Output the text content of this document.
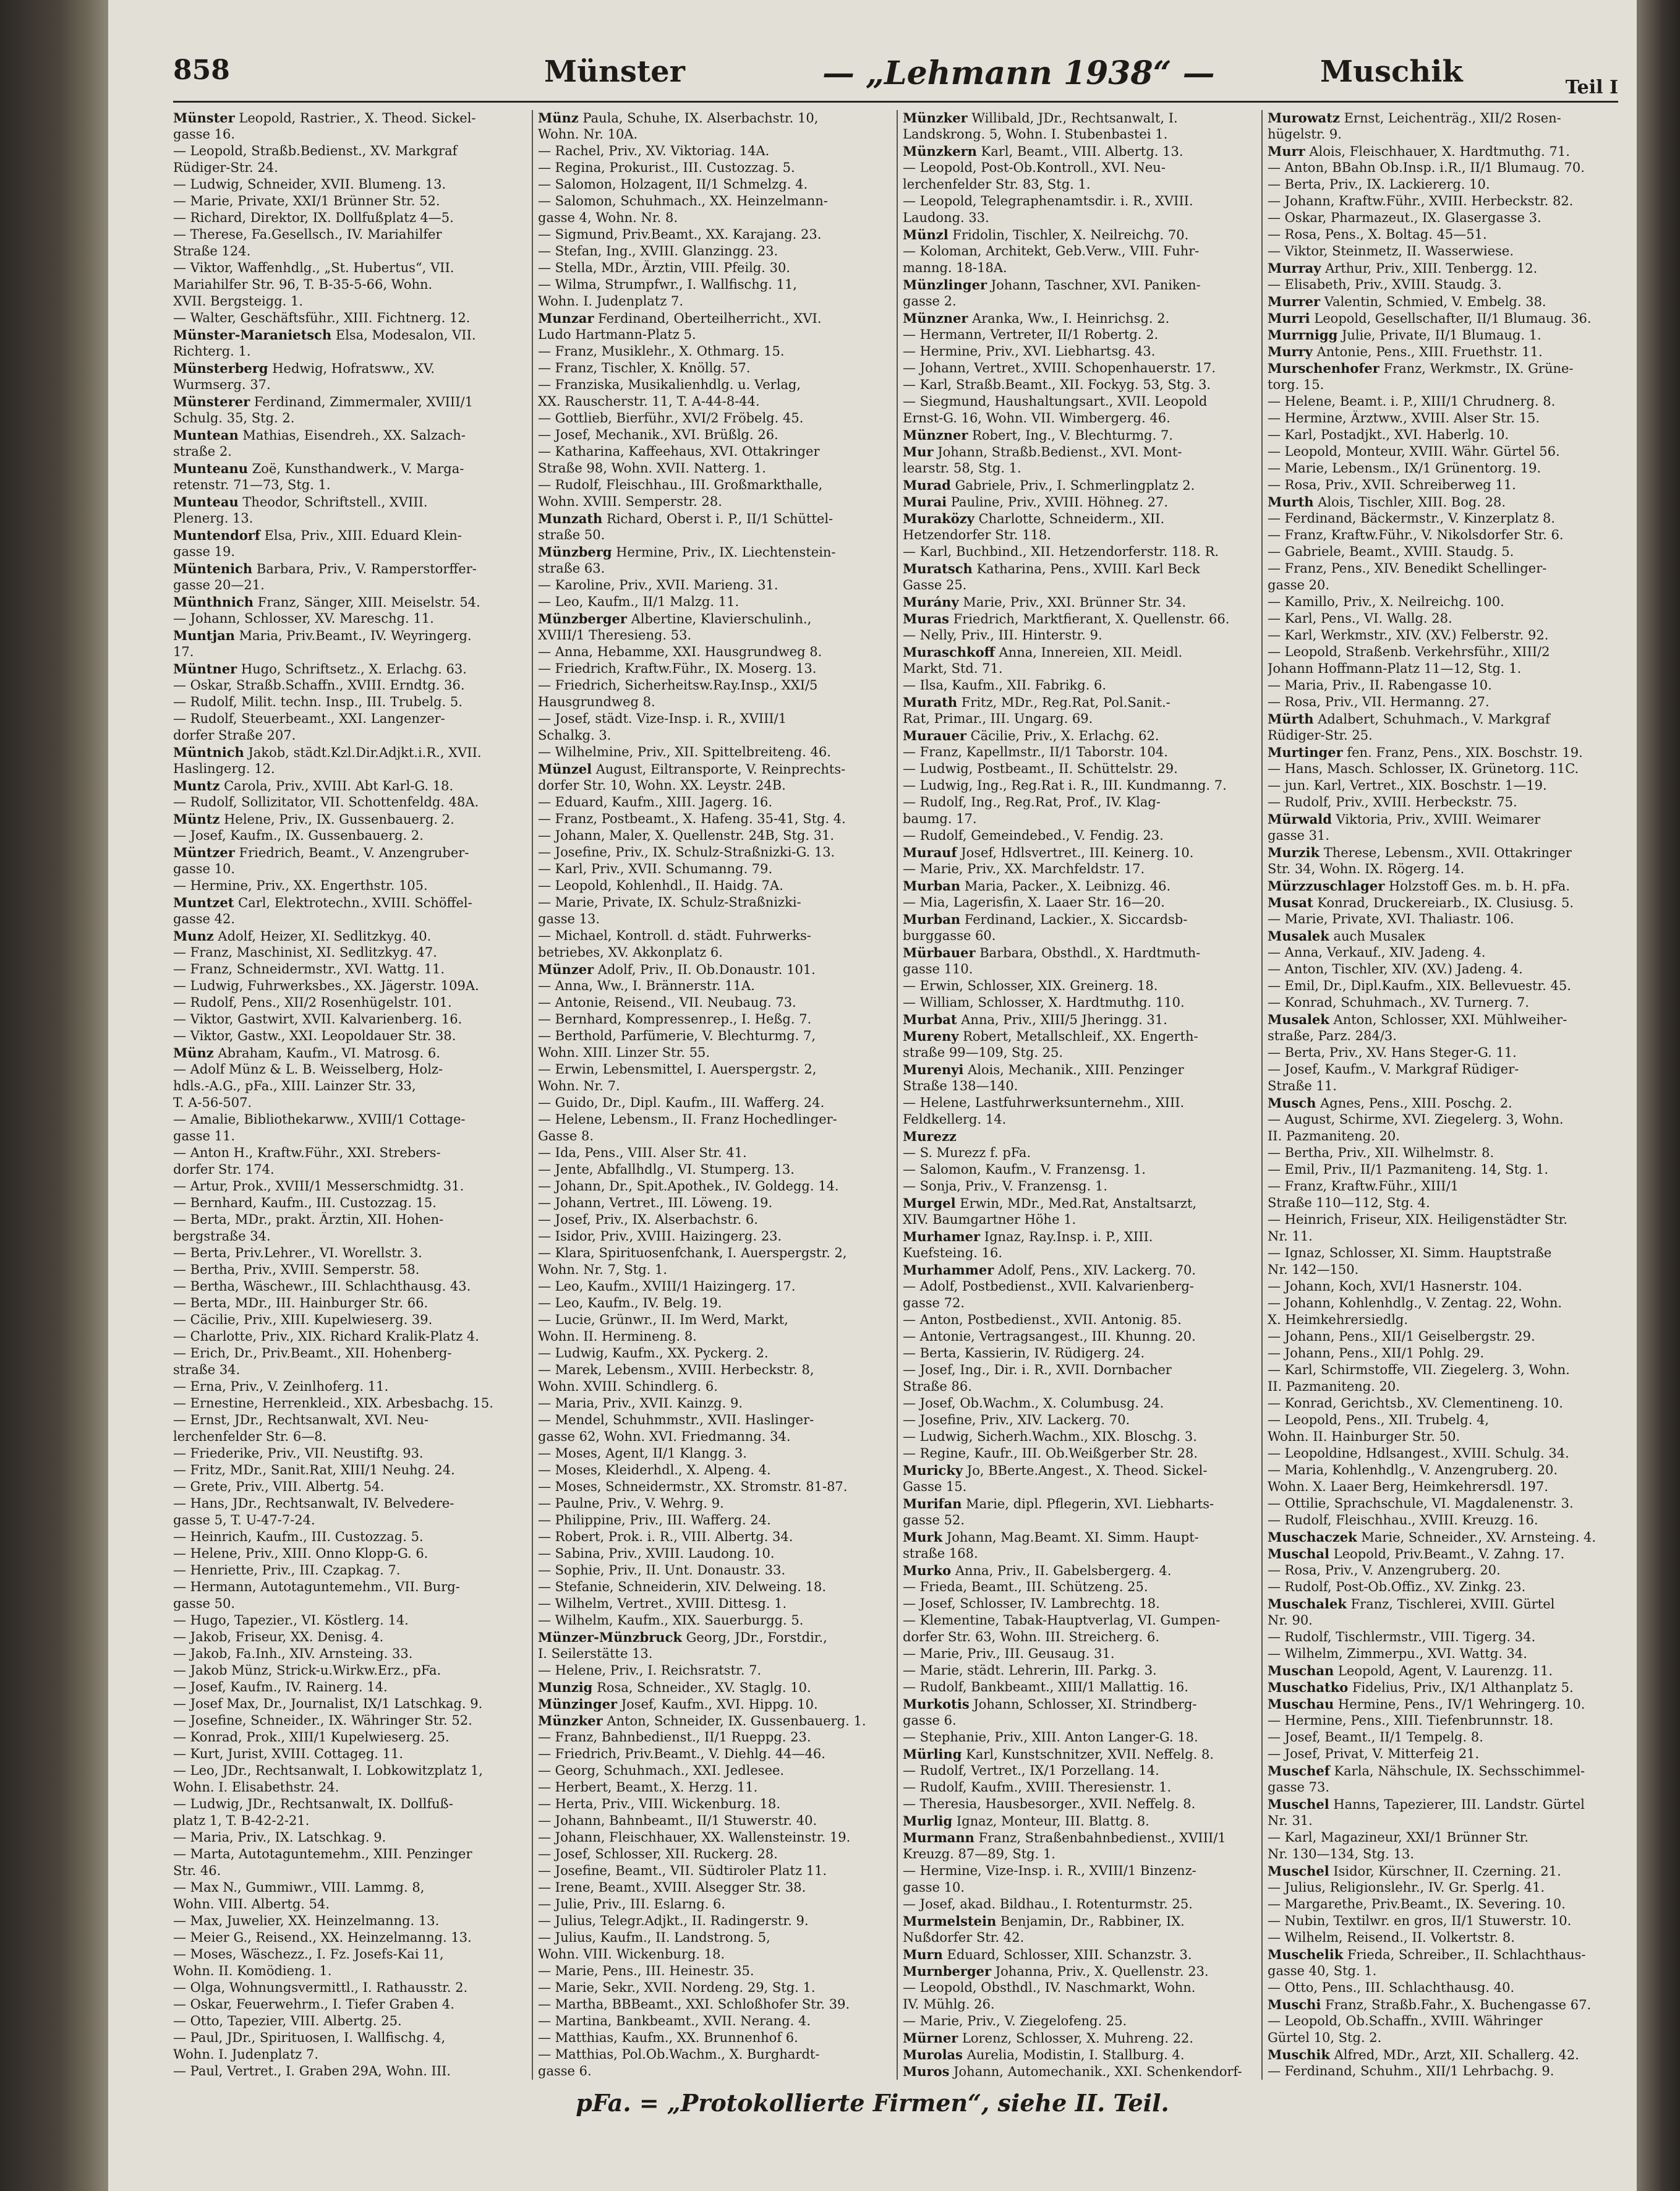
858	Münster	— „Lehmann 1938“ —	Muschik	Teil I
Münster Leopold, Rastrier., X. Theod. Sickel-
gasse 16.
— Leopold, Straßb.Bedienst., XV. Markgraf
Rüdiger-Str. 24.
— Ludwig, Schneider, XVII. Blumeng. 13.
— Marie, Private, XXI/1 Brünner Str. 52.
— Richard, Direktor, IX. Dollfußplatz 4—5.
— Therese, Fa.Gesellsch., IV. Mariahilfer
Straße 124.
— Viktor, Waffenhdlg., „St. Hubertus“, VII.
Mariahilfer Str. 96, T. B-35-5-66, Wohn.
XVII. Bergsteigg. 1.
— Walter, Geschäftsführ., XIII. Fichtnerg. 12.
Münster-Maranietsch Elsa, Modesalon, VII.
Richterg. 1.
Münsterberg Hedwig, Hofratsww., XV.
Wurmserg. 37.
Münsterer Ferdinand, Zimmermaler, XVIII/1
Schulg. 35, Stg. 2.
Muntean Mathias, Eisendreh., XX. Salzach-
straße 2.
Munteanu Zoë, Kunsthandwerk., V. Marga-
retenstr. 71—73, Stg. 1.
Munteau Theodor, Schriftstell., XVIII.
Plenerg. 13.
Muntendorf Elsa, Priv., XIII. Eduard Klein-
gasse 19.
Müntenich Barbara, Priv., V. Ramperstorffer-
gasse 20—21.
Münthnich Franz, Sänger, XIII. Meiselstr. 54.
— Johann, Schlosser, XV. Mareschg. 11.
Muntjan Maria, Priv.Beamt., IV. Weyringerg.
17.
Müntner Hugo, Schriftsetz., X. Erlachg. 63.
— Oskar, Straßb.Schaffn., XVIII. Erndtg. 36.
— Rudolf, Milit. techn. Insp., III. Trubelg. 5.
— Rudolf, Steuerbeamt., XXI. Langenzer-
dorfer Straße 207.
Müntnich Jakob, städt.Kzl.Dir.Adjkt.i.R., XVII.
Haslingerg. 12.
Muntz Carola, Priv., XVIII. Abt Karl-G. 18.
— Rudolf, Sollizitator, VII. Schottenfeldg. 48A.
Müntz Helene, Priv., IX. Gussenbauerg. 2.
— Josef, Kaufm., IX. Gussenbauerg. 2.
Müntzer Friedrich, Beamt., V. Anzengruber-
gasse 10.
— Hermine, Priv., XX. Engerthstr. 105.
Muntzet Carl, Elektrotechn., XVIII. Schöffel-
gasse 42.
Munz Adolf, Heizer, XI. Sedlitzkyg. 40.
— Franz, Maschinist, XI. Sedlitzkyg. 47.
— Franz, Schneidermstr., XVI. Wattg. 11.
— Ludwig, Fuhrwerksbes., XX. Jägerstr. 109A.
— Rudolf, Pens., XII/2 Rosenhügelstr. 101.
— Viktor, Gastwirt, XVII. Kalvarienberg. 16.
— Viktor, Gastw., XXI. Leopoldauer Str. 38.
Münz Abraham, Kaufm., VI. Matrosg. 6.
— Adolf Münz & L. B. Weisselberg, Holz-
hdls.-A.G., pFa., XIII. Lainzer Str. 33,
T. A-56-507.
— Amalie, Bibliothekarww., XVIII/1 Cottage-
gasse 11.
— Anton H., Kraftw.Führ., XXI. Strebers-
dorfer Str. 174.
— Artur, Prok., XVIII/1 Messerschmidtg. 31.
— Bernhard, Kaufm., III. Custozzag. 15.
— Berta, MDr., prakt. Ärztin, XII. Hohen-
bergstraße 34.
— Berta, Priv.Lehrer., VI. Worellstr. 3.
— Bertha, Priv., XVIII. Semperstr. 58.
— Bertha, Wäschewr., III. Schlachthausg. 43.
— Berta, MDr., III. Hainburger Str. 66.
— Cäcilie, Priv., XIII. Kupelwieserg. 39.
— Charlotte, Priv., XIX. Richard Kralik-Platz 4.
— Erich, Dr., Priv.Beamt., XII. Hohenberg-
straße 34.
— Erna, Priv., V. Zeinlhoferg. 11.
— Ernestine, Herrenkleid., XIX. Arbesbachg. 15.
— Ernst, JDr., Rechtsanwalt, XVI. Neu-
lerchenfelder Str. 6—8.
— Friederike, Priv., VII. Neustiftg. 93.
— Fritz, MDr., Sanit.Rat, XIII/1 Neuhg. 24.
— Grete, Priv., VIII. Albertg. 54.
— Hans, JDr., Rechtsanwalt, IV. Belvedere-
gasse 5, T. U-47-7-24.
— Heinrich, Kaufm., III. Custozzag. 5.
— Helene, Priv., XIII. Onno Klopp-G. 6.
— Henriette, Priv., III. Czapkag. 7.
— Hermann, Autotaguntemehm., VII. Burg-
gasse 50.
— Hugo, Tapezier., VI. Köstlerg. 14.
— Jakob, Friseur, XX. Denisg. 4.
— Jakob, Fa.Inh., XIV. Arnsteing. 33.
— Jakob Münz, Strick-u.Wirkw.Erz., pFa.
— Josef, Kaufm., IV. Rainerg. 14.
— Josef Max, Dr., Journalist, IX/1 Latschkag. 9.
— Josefine, Schneider., IX. Währinger Str. 52.
— Konrad, Prok., XIII/1 Kupelwieserg. 25.
— Kurt, Jurist, XVIII. Cottageg. 11.
— Leo, JDr., Rechtsanwalt, I. Lobkowitzplatz 1,
Wohn. I. Elisabethstr. 24.
— Ludwig, JDr., Rechtsanwalt, IX. Dollfuß-
platz 1, T. B-42-2-21.
— Maria, Priv., IX. Latschkag. 9.
— Marta, Autotaguntemehm., XIII. Penzinger
Str. 46.
— Max N., Gummiwr., VIII. Lammg. 8,
Wohn. VIII. Albertg. 54.
— Max, Juwelier, XX. Heinzelmanng. 13.
— Meier G., Reisend., XX. Heinzelmanng. 13.
— Moses, Wäschezz., I. Fz. Josefs-Kai 11,
Wohn. II. Komödieng. 1.
— Olga, Wohnungsvermittl., I. Rathausstr. 2.
— Oskar, Feuerwehrm., I. Tiefer Graben 4.
— Otto, Tapezier, VIII. Albertg. 25.
— Paul, JDr., Spirituosen, I. Wallfischg. 4,
Wohn. I. Judenplatz 7.
— Paul, Vertret., I. Graben 29A, Wohn. III.
Münz Paula, Schuhe, IX. Alserbachstr. 10,
Wohn. Nr. 10A.
— Rachel, Priv., XV. Viktoriag. 14A.
— Regina, Prokurist., III. Custozzag. 5.
— Salomon, Holzagent, II/1 Schmelzg. 4.
— Salomon, Schuhmach., XX. Heinzelmann-
gasse 4, Wohn. Nr. 8.
— Sigmund, Priv.Beamt., XX. Karajang. 23.
— Stefan, Ing., XVIII. Glanzingg. 23.
— Stella, MDr., Ärztin, VIII. Pfeilg. 30.
— Wilma, Strumpfwr., I. Wallfischg. 11,
Wohn. I. Judenplatz 7.
Munzar Ferdinand, Oberteilherricht., XVI.
Ludo Hartmann-Platz 5.
— Franz, Musiklehr., X. Othmarg. 15.
— Franz, Tischler, X. Knöllg. 57.
— Franziska, Musikalienhdlg. u. Verlag,
XX. Rauscherstr. 11, T. A-44-8-44.
— Gottlieb, Bierführ., XVI/2 Fröbelg. 45.
— Josef, Mechanik., XVI. Brüßlg. 26.
— Katharina, Kaffeehaus, XVI. Ottakringer
Straße 98, Wohn. XVII. Natterg. 1.
— Rudolf, Fleischhau., III. Großmarkthalle,
Wohn. XVIII. Semperstr. 28.
Munzath Richard, Oberst i. P., II/1 Schüttel-
straße 50.
Münzberg Hermine, Priv., IX. Liechtenstein-
straße 63.
— Karoline, Priv., XVII. Marieng. 31.
— Leo, Kaufm., II/1 Malzg. 11.
Münzberger Albertine, Klavierschulinh.,
XVIII/1 Theresieng. 53.
— Anna, Hebamme, XXI. Hausgrundweg 8.
— Friedrich, Kraftw.Führ., IX. Moserg. 13.
— Friedrich, Sicherheitsw.Ray.Insp., XXI/5
Hausgrundweg 8.
— Josef, städt. Vize-Insp. i. R., XVIII/1
Schalkg. 3.
— Wilhelmine, Priv., XII. Spittelbreiteng. 46.
Münzel August, Eiltransporte, V. Reinprechts-
dorfer Str. 10, Wohn. XX. Leystr. 24B.
— Eduard, Kaufm., XIII. Jagerg. 16.
— Franz, Postbeamt., X. Hafeng. 35-41, Stg. 4.
— Johann, Maler, X. Quellenstr. 24B, Stg. 31.
— Josefine, Priv., IX. Schulz-Straßnizki-G. 13.
— Karl, Priv., XVII. Schumanng. 79.
— Leopold, Kohlenhdl., II. Haidg. 7A.
— Marie, Private, IX. Schulz-Straßnizki-
gasse 13.
— Michael, Kontroll. d. städt. Fuhrwerks-
betriebes, XV. Akkonplatz 6.
Münzer Adolf, Priv., II. Ob.Donaustr. 101.
— Anna, Ww., I. Brännerstr. 11A.
— Antonie, Reisend., VII. Neubaug. 73.
— Bernhard, Kompressenrep., I. Heßg. 7.
— Berthold, Parfümerie, V. Blechturmg. 7,
Wohn. XIII. Linzer Str. 55.
— Erwin, Lebensmittel, I. Auerspergstr. 2,
Wohn. Nr. 7.
— Guido, Dr., Dipl. Kaufm., III. Wafferg. 24.
— Helene, Lebensm., II. Franz Hochedlinger-
Gasse 8.
— Ida, Pens., VIII. Alser Str. 41.
— Jente, Abfallhdlg., VI. Stumperg. 13.
— Johann, Dr., Spit.Apothek., IV. Goldegg. 14.
— Johann, Vertret., III. Löweng. 19.
— Josef, Priv., IX. Alserbachstr. 6.
— Isidor, Priv., XVIII. Haizingerg. 23.
— Klara, Spirituosenfchank, I. Auerspergstr. 2,
Wohn. Nr. 7, Stg. 1.
— Leo, Kaufm., XVIII/1 Haizingerg. 17.
— Leo, Kaufm., IV. Belg. 19.
— Lucie, Grünwr., II. Im Werd, Markt,
Wohn. II. Hermineng. 8.
— Ludwig, Kaufm., XX. Pyckerg. 2.
— Marek, Lebensm., XVIII. Herbeckstr. 8,
Wohn. XVIII. Schindlerg. 6.
— Maria, Priv., XVII. Kainzg. 9.
— Mendel, Schuhmmstr., XVII. Haslinger-
gasse 62, Wohn. XVI. Friedmanng. 34.
— Moses, Agent, II/1 Klangg. 3.
— Moses, Kleiderhdl., X. Alpeng. 4.
— Moses, Schneidermstr., XX. Stromstr. 81-87.
— Paulne, Priv., V. Wehrg. 9.
— Philippine, Priv., III. Wafferg. 24.
— Robert, Prok. i. R., VIII. Albertg. 34.
— Sabina, Priv., XVIII. Laudong. 10.
— Sophie, Priv., II. Unt. Donaustr. 33.
— Stefanie, Schneiderin, XIV. Delweing. 18.
— Wilhelm, Vertret., XVIII. Dittesg. 1.
— Wilhelm, Kaufm., XIX. Sauerburgg. 5.
Münzer-Münzbruck Georg, JDr., Forstdir.,
I. Seilerstätte 13.
— Helene, Priv., I. Reichsratstr. 7.
Munzig Rosa, Schneider., XV. Staglg. 10.
Münzinger Josef, Kaufm., XVI. Hippg. 10.
Münzker Anton, Schneider, IX. Gussenbauerg. 1.
— Franz, Bahnbedienst., II/1 Rueppg. 23.
— Friedrich, Priv.Beamt., V. Diehlg. 44—46.
— Georg, Schuhmach., XXI. Jedlesee.
— Herbert, Beamt., X. Herzg. 11.
— Herta, Priv., VIII. Wickenburg. 18.
— Johann, Bahnbeamt., II/1 Stuwerstr. 40.
— Johann, Fleischhauer, XX. Wallensteinstr. 19.
— Josef, Schlosser, XII. Ruckerg. 28.
— Josefine, Beamt., VII. Südtiroler Platz 11.
— Irene, Beamt., XVIII. Alsegger Str. 38.
— Julie, Priv., III. Eslarng. 6.
— Julius, Telegr.Adjkt., II. Radingerstr. 9.
— Julius, Kaufm., II. Landstrong. 5,
Wohn. VIII. Wickenburg. 18.
— Marie, Pens., III. Heinestr. 35.
— Marie, Sekr., XVII. Nordeng. 29, Stg. 1.
— Martha, BBBeamt., XXI. Schloßhofer Str. 39.
— Martina, Bankbeamt., XVII. Nerang. 4.
— Matthias, Kaufm., XX. Brunnenhof 6.
— Matthias, Pol.Ob.Wachm., X. Burghardt-
gasse 6.
Münzker Willibald, JDr., Rechtsanwalt, I.
Landskrong. 5, Wohn. I. Stubenbastei 1.
Münzkern Karl, Beamt., VIII. Albertg. 13.
— Leopold, Post-Ob.Kontroll., XVI. Neu-
lerchenfelder Str. 83, Stg. 1.
— Leopold, Telegraphenamtsdir. i. R., XVIII.
Laudong. 33.
Münzl Fridolin, Tischler, X. Neilreichg. 70.
— Koloman, Architekt, Geb.Verw., VIII. Fuhr-
manng. 18-18A.
Münzlinger Johann, Taschner, XVI. Paniken-
gasse 2.
Münzner Aranka, Ww., I. Heinrichsg. 2.
— Hermann, Vertreter, II/1 Robertg. 2.
— Hermine, Priv., XVI. Liebhartsg. 43.
— Johann, Vertret., XVIII. Schopenhauerstr. 17.
— Karl, Straßb.Beamt., XII. Fockyg. 53, Stg. 3.
— Siegmund, Haushaltungsart., XVII. Leopold
Ernst-G. 16, Wohn. VII. Wimbergerg. 46.
Münzner Robert, Ing., V. Blechturmg. 7.
Mur Johann, Straßb.Bedienst., XVI. Mont-
learstr. 58, Stg. 1.
Murad Gabriele, Priv., I. Schmerlingplatz 2.
Murai Pauline, Priv., XVIII. Höhneg. 27.
Muraközy Charlotte, Schneiderm., XII.
Hetzendorfer Str. 118.
— Karl, Buchbind., XII. Hetzendorferstr. 118. R.
Muratsch Katharina, Pens., XVIII. Karl Beck
Gasse 25.
Murány Marie, Priv., XXI. Brünner Str. 34.
Muras Friedrich, Marktfierant, X. Quellenstr. 66.
— Nelly, Priv., III. Hinterstr. 9.
Muraschkoff Anna, Innereien, XII. Meidl.
Markt, Std. 71.
— Ilsa, Kaufm., XII. Fabrikg. 6.
Murath Fritz, MDr., Reg.Rat, Pol.Sanit.-
Rat, Primar., III. Ungarg. 69.
Murauer Cäcilie, Priv., X. Erlachg. 62.
— Franz, Kapellmstr., II/1 Taborstr. 104.
— Ludwig, Postbeamt., II. Schüttelstr. 29.
— Ludwig, Ing., Reg.Rat i. R., III. Kundmanng. 7.
— Rudolf, Ing., Reg.Rat, Prof., IV. Klag-
baumg. 17.
— Rudolf, Gemeindebed., V. Fendig. 23.
Murauf Josef, Hdlsvertret., III. Keinerg. 10.
— Marie, Priv., XX. Marchfeldstr. 17.
Murban Maria, Packer., X. Leibnizg. 46.
— Mia, Lagerisfin, X. Laaer Str. 16—20.
Murban Ferdinand, Lackier., X. Siccardsb-
burggasse 60.
Mürbauer Barbara, Obsthdl., X. Hardtmuth-
gasse 110.
— Erwin, Schlosser, XIX. Greinerg. 18.
— William, Schlosser, X. Hardtmuthg. 110.
Murbat Anna, Priv., XIII/5 Jheringg. 31.
Mureny Robert, Metallschleif., XX. Engerth-
straße 99—109, Stg. 25.
Murenyi Alois, Mechanik., XIII. Penzinger
Straße 138—140.
— Helene, Lastfuhrwerksunternehm., XIII.
Feldkellerg. 14.
Murezz
— S. Murezz f. pFa.
— Salomon, Kaufm., V. Franzensg. 1.
— Sonja, Priv., V. Franzensg. 1.
Murgel Erwin, MDr., Med.Rat, Anstaltsarzt,
XIV. Baumgartner Höhe 1.
Murhamer Ignaz, Ray.Insp. i. P., XIII.
Kuefsteing. 16.
Murhammer Adolf, Pens., XIV. Lackerg. 70.
— Adolf, Postbedienst., XVII. Kalvarienberg-
gasse 72.
— Anton, Postbedienst., XVII. Antonig. 85.
— Antonie, Vertragsangest., III. Khunng. 20.
— Berta, Kassierin, IV. Rüdigerg. 24.
— Josef, Ing., Dir. i. R., XVII. Dornbacher
Straße 86.
— Josef, Ob.Wachm., X. Columbusg. 24.
— Josefine, Priv., XIV. Lackerg. 70.
— Ludwig, Sicherh.Wachm., XIX. Bloschg. 3.
— Regine, Kaufr., III. Ob.Weißgerber Str. 28.
Muricky Jo, BBerte.Angest., X. Theod. Sickel-
Gasse 15.
Murifan Marie, dipl. Pflegerin, XVI. Liebharts-
gasse 52.
Murk Johann, Mag.Beamt. XI. Simm. Haupt-
straße 168.
Murko Anna, Priv., II. Gabelsbergerg. 4.
— Frieda, Beamt., III. Schützeng. 25.
— Josef, Schlosser, IV. Lambrechtg. 18.
— Klementine, Tabak-Hauptverlag, VI. Gumpen-
dorfer Str. 63, Wohn. III. Streicherg. 6.
— Marie, Priv., III. Geusaug. 31.
— Marie, städt. Lehrerin, III. Parkg. 3.
— Rudolf, Bankbeamt., XIII/1 Mallattig. 16.
Murkotis Johann, Schlosser, XI. Strindberg-
gasse 6.
— Stephanie, Priv., XIII. Anton Langer-G. 18.
Mürling Karl, Kunstschnitzer, XVII. Neffelg. 8.
— Rudolf, Vertret., IX/1 Porzellang. 14.
— Rudolf, Kaufm., XVIII. Theresienstr. 1.
— Theresia, Hausbesorger., XVII. Neffelg. 8.
Murlig Ignaz, Monteur, III. Blattg. 8.
Murmann Franz, Straßenbahnbedienst., XVIII/1
Kreuzg. 87—89, Stg. 1.
— Hermine, Vize-Insp. i. R., XVIII/1 Binzenz-
gasse 10.
— Josef, akad. Bildhau., I. Rotenturmstr. 25.
Murmelstein Benjamin, Dr., Rabbiner, IX.
Nußdorfer Str. 42.
Murn Eduard, Schlosser, XIII. Schanzstr. 3.
Murnberger Johanna, Priv., X. Quellenstr. 23.
— Leopold, Obsthdl., IV. Naschmarkt, Wohn.
IV. Mühlg. 26.
— Marie, Priv., V. Ziegelofeng. 25.
Mürner Lorenz, Schlosser, X. Muhreng. 22.
Murolas Aurelia, Modistin, I. Stallburg. 4.
Muros Johann, Automechanik., XXI. Schenkendorf-
Murowatz Ernst, Leichenträg., XII/2 Rosen-
hügelstr. 9.
Murr Alois, Fleischhauer, X. Hardtmuthg. 71.
— Anton, BBahn Ob.Insp. i.R., II/1 Blumaug. 70.
— Berta, Priv., IX. Lackiererg. 10.
— Johann, Kraftw.Führ., XVIII. Herbeckstr. 82.
— Oskar, Pharmazeut., IX. Glasergasse 3.
— Rosa, Pens., X. Boltag. 45—51.
— Viktor, Steinmetz, II. Wasserwiese.
Murray Arthur, Priv., XIII. Tenbergg. 12.
— Elisabeth, Priv., XVIII. Staudg. 3.
Murrer Valentin, Schmied, V. Embelg. 38.
Murri Leopold, Gesellschafter, II/1 Blumaug. 36.
Murrnigg Julie, Private, II/1 Blumaug. 1.
Murry Antonie, Pens., XIII. Fruethstr. 11.
Murschenhofer Franz, Werkmstr., IX. Grüne-
torg. 15.
— Helene, Beamt. i. P., XIII/1 Chrudnerg. 8.
— Hermine, Ärztww., XVIII. Alser Str. 15.
— Karl, Postadjkt., XVI. Haberlg. 10.
— Leopold, Monteur, XVIII. Währ. Gürtel 56.
— Marie, Lebensm., IX/1 Grünentorg. 19.
— Rosa, Priv., XVII. Schreiberweg 11.
Murth Alois, Tischler, XIII. Bog. 28.
— Ferdinand, Bäckermstr., V. Kinzerplatz 8.
— Franz, Kraftw.Führ., V. Nikolsdorfer Str. 6.
— Gabriele, Beamt., XVIII. Staudg. 5.
— Franz, Pens., XIV. Benedikt Schellinger-
gasse 20.
— Kamillo, Priv., X. Neilreichg. 100.
— Karl, Pens., VI. Wallg. 28.
— Karl, Werkmstr., XIV. (XV.) Felberstr. 92.
— Leopold, Straßenb. Verkehrsführ., XIII/2
Johann Hoffmann-Platz 11—12, Stg. 1.
— Maria, Priv., II. Rabengasse 10.
— Rosa, Priv., VII. Hermanng. 27.
Mürth Adalbert, Schuhmach., V. Markgraf
Rüdiger-Str. 25.
Murtinger fen. Franz, Pens., XIX. Boschstr. 19.
— Hans, Masch. Schlosser, IX. Grünetorg. 11C.
— jun. Karl, Vertret., XIX. Boschstr. 1—19.
— Rudolf, Priv., XVIII. Herbeckstr. 75.
Mürwald Viktoria, Priv., XVIII. Weimarer
gasse 31.
Murzik Therese, Lebensm., XVII. Ottakringer
Str. 34, Wohn. IX. Rögerg. 14.
Mürzzuschlager Holzstoff Ges. m. b. H. pFa.
Musat Konrad, Druckereiarb., IX. Clusiusg. 5.
— Marie, Private, XVI. Thaliastr. 106.
Musalek auch Musaleк
— Anna, Verkauf., XIV. Jadeng. 4.
— Anton, Tischler, XIV. (XV.) Jadeng. 4.
— Emil, Dr., Dipl.Kaufm., XIX. Bellevuestr. 45.
— Konrad, Schuhmach., XV. Turnerg. 7.
Musalek Anton, Schlosser, XXI. Mühlweiher-
straße, Parz. 284/3.
— Berta, Priv., XV. Hans Steger-G. 11.
— Josef, Kaufm., V. Markgraf Rüdiger-
Straße 11.
Musch Agnes, Pens., XIII. Poschg. 2.
— August, Schirme, XVI. Ziegelerg. 3, Wohn.
II. Pazmaniteng. 20.
— Bertha, Priv., XII. Wilhelmstr. 8.
— Emil, Priv., II/1 Pazmaniteng. 14, Stg. 1.
— Franz, Kraftw.Führ., XIII/1
Straße 110—112, Stg. 4.
— Heinrich, Friseur, XIX. Heiligenstädter Str.
Nr. 11.
— Ignaz, Schlosser, XI. Simm. Hauptstraße
Nr. 142—150.
— Johann, Koch, XVI/1 Hasnerstr. 104.
— Johann, Kohlenhdlg., V. Zentag. 22, Wohn.
X. Heimkehrersiedlg.
— Johann, Pens., XII/1 Geiselbergstr. 29.
— Johann, Pens., XII/1 Pohlg. 29.
— Karl, Schirmstoffe, VII. Ziegelerg. 3, Wohn.
II. Pazmaniteng. 20.
— Konrad, Gerichtsb., XV. Clementineng. 10.
— Leopold, Pens., XII. Trubelg. 4,
Wohn. II. Hainburger Str. 50.
— Leopoldine, Hdlsangest., XVIII. Schulg. 34.
— Maria, Kohlenhdlg., V. Anzengruberg. 20.
Wohn. X. Laaer Berg, Heimkehrersdl. 197.
— Ottilie, Sprachschule, VI. Magdalenenstr. 3.
— Rudolf, Fleischhau., XVIII. Kreuzg. 16.
Muschaczek Marie, Schneider., XV. Arnsteing. 4.
Muschal Leopold, Priv.Beamt., V. Zahng. 17.
— Rosa, Priv., V. Anzengruberg. 20.
— Rudolf, Post-Ob.Offiz., XV. Zinkg. 23.
Muschalek Franz, Tischlerei, XVIII. Gürtel
Nr. 90.
— Rudolf, Tischlermstr., VIII. Tigerg. 34.
— Wilhelm, Zimmerpu., XVI. Wattg. 34.
Muschan Leopold, Agent, V. Laurenzg. 11.
Muschatko Fidelius, Priv., IX/1 Althanplatz 5.
Muschau Hermine, Pens., IV/1 Wehringerg. 10.
— Hermine, Pens., XIII. Tiefenbrunnstr. 18.
— Josef, Beamt., II/1 Tempelg. 8.
— Josef, Privat, V. Mitterfeig 21.
Muschef Karla, Nähschule, IX. Sechsschimmel-
gasse 73.
Muschel Hanns, Tapezierer, III. Landstr. Gürtel
Nr. 31.
— Karl, Magazineur, XXI/1 Brünner Str.
Nr. 130—134, Stg. 13.
Muschel Isidor, Kürschner, II. Czerning. 21.
— Julius, Religionslehr., IV. Gr. Sperlg. 41.
— Margarethe, Priv.Beamt., IX. Severing. 10.
— Nubin, Textilwr. en gros, II/1 Stuwerstr. 10.
— Wilhelm, Reisend., II. Volkertstr. 8.
Muschelik Frieda, Schreiber., II. Schlachthaus-
gasse 40, Stg. 1.
— Otto, Pens., III. Schlachthausg. 40.
Muschi Franz, Straßb.Fahr., X. Buchengasse 67.
— Leopold, Ob.Schaffn., XVIII. Währinger
Gürtel 10, Stg. 2.
Muschik Alfred, MDr., Arzt, XII. Schallerg. 42.
— Ferdinand, Schuhm., XII/1 Lehrbachg. 9.
pFa. = „Protokollierte Firmen“, siehe II. Teil.
